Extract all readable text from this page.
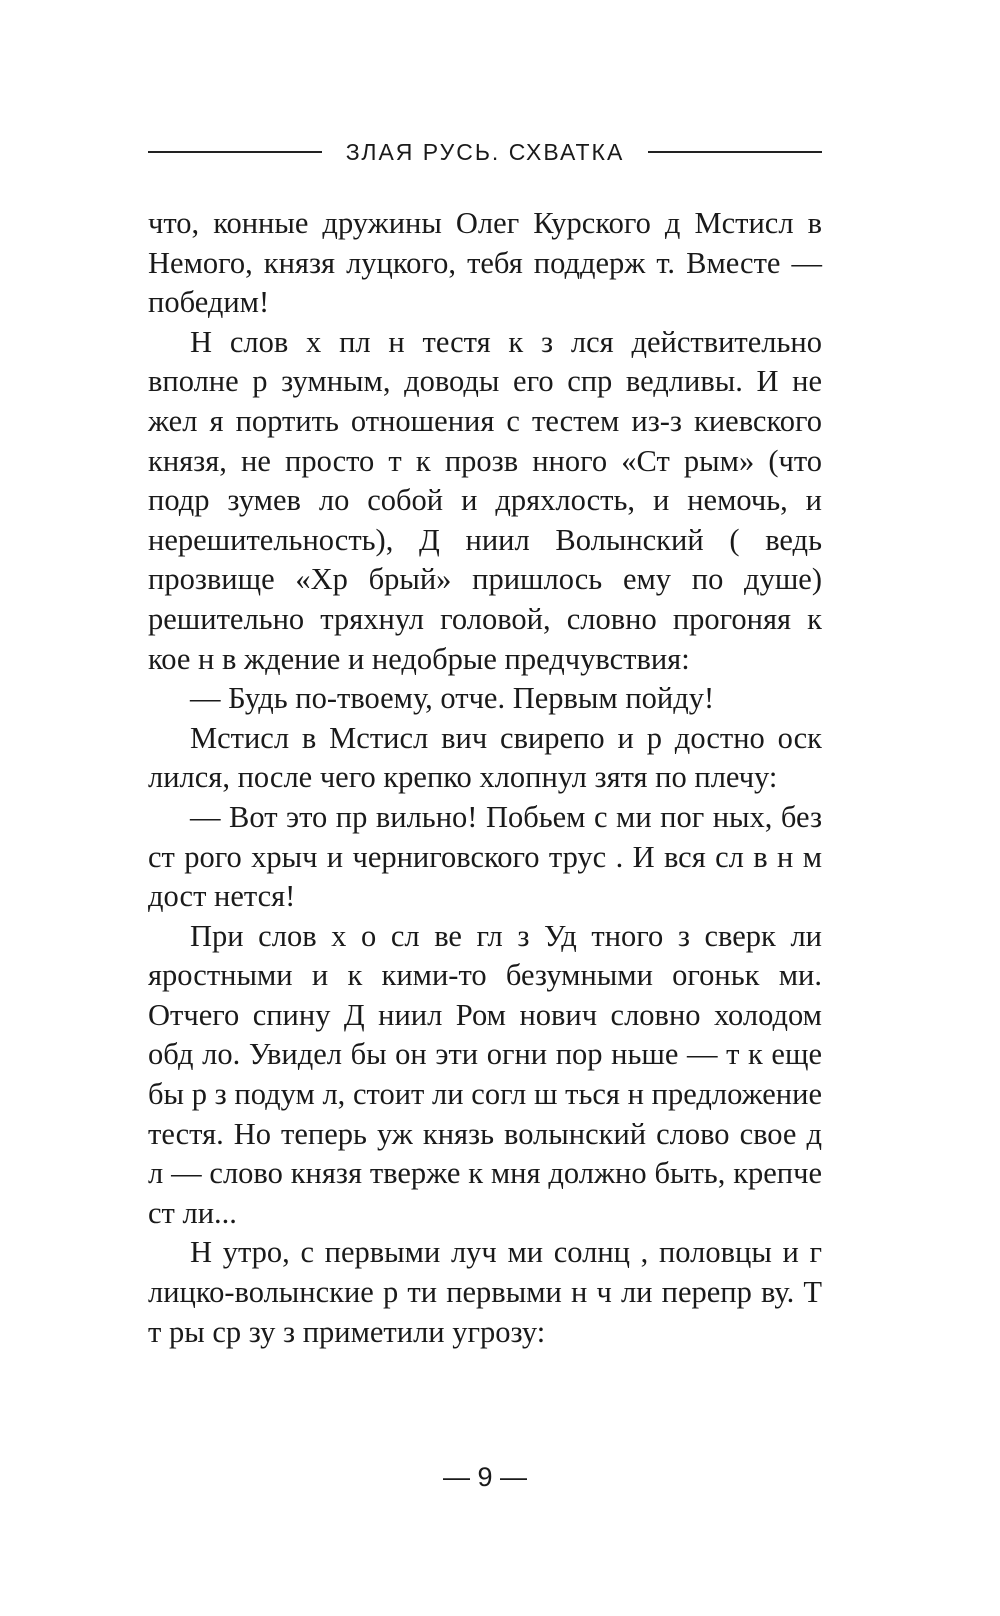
ЗЛАЯ РУСЬ. СХВАТКА

что, конные дружины Олег Курского д Мстисл в Немого, князя луцкого, тебя поддерж т. Вместе — победим!

Н слов х пл н тестя к з лся действительно вполне р зумным, доводы его спр ведливы. И не жел я портить отношения с тестем из-з киевского князя, не просто т к прозв нного «Ст рым» (что подр зумев ло собой и дряхлость, и немочь, и нерешительность), Д ниил Волынский ( ведь прозвище «Хр брый» пришлось ему по душе) решительно тряхнул головой, словно прогоняя к кое н в ждение и недобрые предчувствия:

— Будь по-твоему, отче. Первым пойду!

Мстисл в Мстисл вич свирепо и р достно оск лился, после чего крепко хлопнул зятя по плечу:

— Вот это пр вильно! Побьем с ми пог ных, без ст рого хрыч и черниговского трус . И вся сл в н м дост нется!

При слов х о сл ве гл з Уд тного з сверк ли яростными и к кими-то безумными огоньк ми. Отчего спину Д ниил Ром нович словно холодом обд ло. Увидел бы он эти огни пор ньше — т к еще бы р з подум л, стоит ли согл ш ться н предложение тестя. Но теперь уж князь волынский слово свое д л — слово князя тверже к мня должно быть, крепче ст ли...

Н утро, с первыми луч ми солнц , половцы и г лицко-волынские р ти первыми н ч ли перепр ву. Т т ры ср зу з приметили угрозу:

— 9 —
